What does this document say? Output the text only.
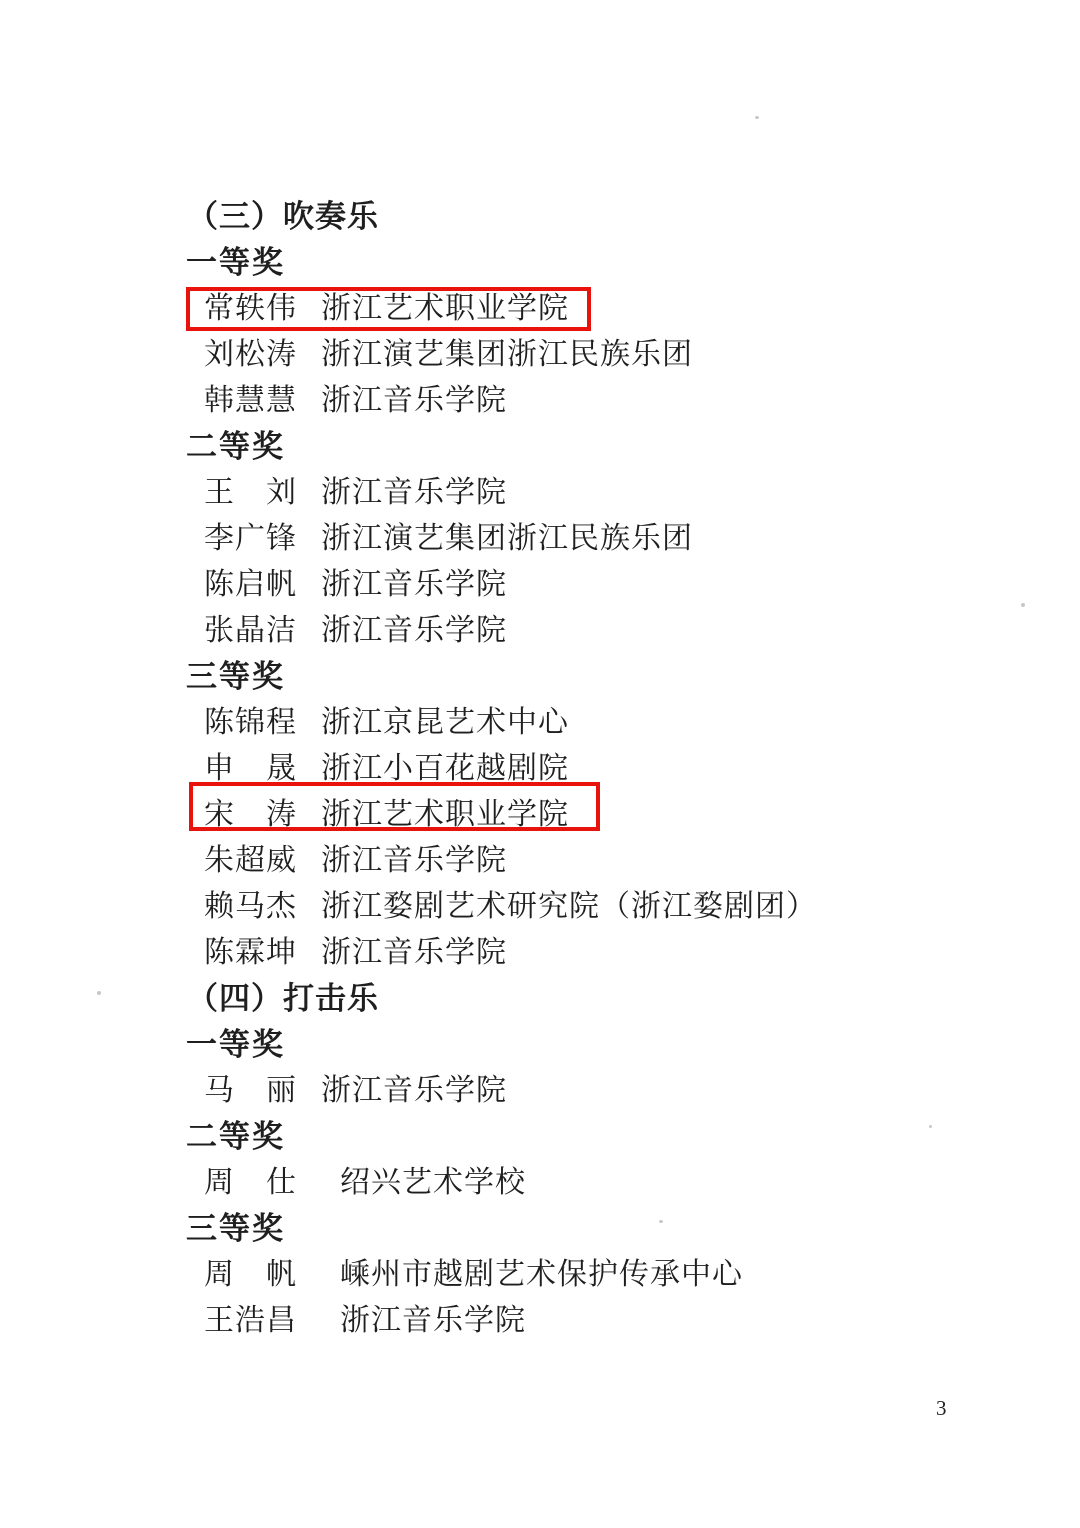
（三）吹奏乐
一等奖
常轶伟 浙江艺术职业学院
刘松涛 浙江演艺集团浙江民族乐团
韩慧慧 浙江音乐学院
二等奖
王　刘 浙江音乐学院
李广锋 浙江演艺集团浙江民族乐团
陈启帆 浙江音乐学院
张晶洁 浙江音乐学院
三等奖
陈锦程 浙江京昆艺术中心
申　晟 浙江小百花越剧院
宋　涛 浙江艺术职业学院
朱超威 浙江音乐学院
赖马杰 浙江婺剧艺术研究院（浙江婺剧团）
陈霖坤 浙江音乐学院
（四）打击乐
一等奖
马　丽 浙江音乐学院
二等奖
周　仕 绍兴艺术学校
三等奖
周　帆 嵊州市越剧艺术保护传承中心
王浩昌 浙江音乐学院
3
